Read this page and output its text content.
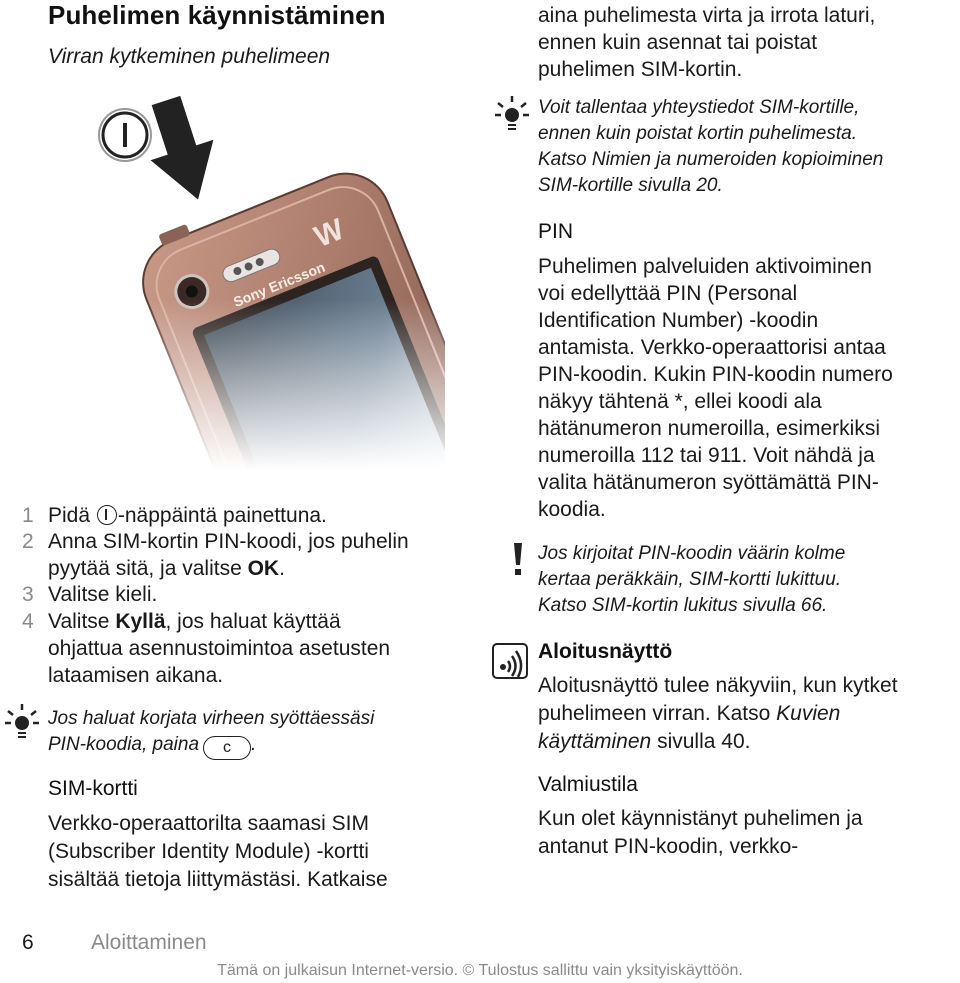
Puhelimen käynnistäminen
Virran kytkeminen puhelimeen
1 Pidä -näppäintä painettuna.
2 Anna SIM-kortin PIN-koodi, jos puhelin
pyytää sitä, ja valitse OK.
3 Valitse kieli.
4 Valitse Kyllä, jos haluat käyttää
ohjattua asennustoimintoa asetusten
lataamisen aikana.
Jos haluat korjata virheen syöttäessäsi
PIN-koodia, paina c .
SIM-kortti
Verkko-operaattorilta saamasi SIM
(Subscriber Identity Module) -kortti
sisältää tietoja liittymästäsi. Katkaise
aina puhelimesta virta ja irrota laturi,
ennen kuin asennat tai poistat
puhelimen SIM-kortin.
Voit tallentaa yhteystiedot SIM-kortille,
ennen kuin poistat kortin puhelimesta.
Katso Nimien ja numeroiden kopioiminen
SIM-kortille sivulla 20.
PIN
Puhelimen palveluiden aktivoiminen
voi edellyttää PIN (Personal
Identification Number) -koodin
antamista. Verkko-operaattorisi antaa
PIN-koodin. Kukin PIN-koodin numero
näkyy tähtenä *, ellei koodi ala
hätänumeron numeroilla, esimerkiksi
numeroilla 112 tai 911. Voit nähdä ja
valita hätänumeron syöttämättä PIN-
koodia.
Jos kirjoitat PIN-koodin väärin kolme
kertaa peräkkäin, SIM-kortti lukittuu.
Katso SIM-kortin lukitus sivulla 66.
Aloitusnäyttö
Aloitusnäyttö tulee näkyviin, kun kytket
puhelimeen virran. Katso Kuvien
käyttäminen sivulla 40.
Valmiustila
Kun olet käynnistänyt puhelimen ja
antanut PIN-koodin, verkko-
6	Aloittaminen
Tämä on julkaisun Internet-versio. © Tulostus sallittu vain yksityiskäyttöön.
